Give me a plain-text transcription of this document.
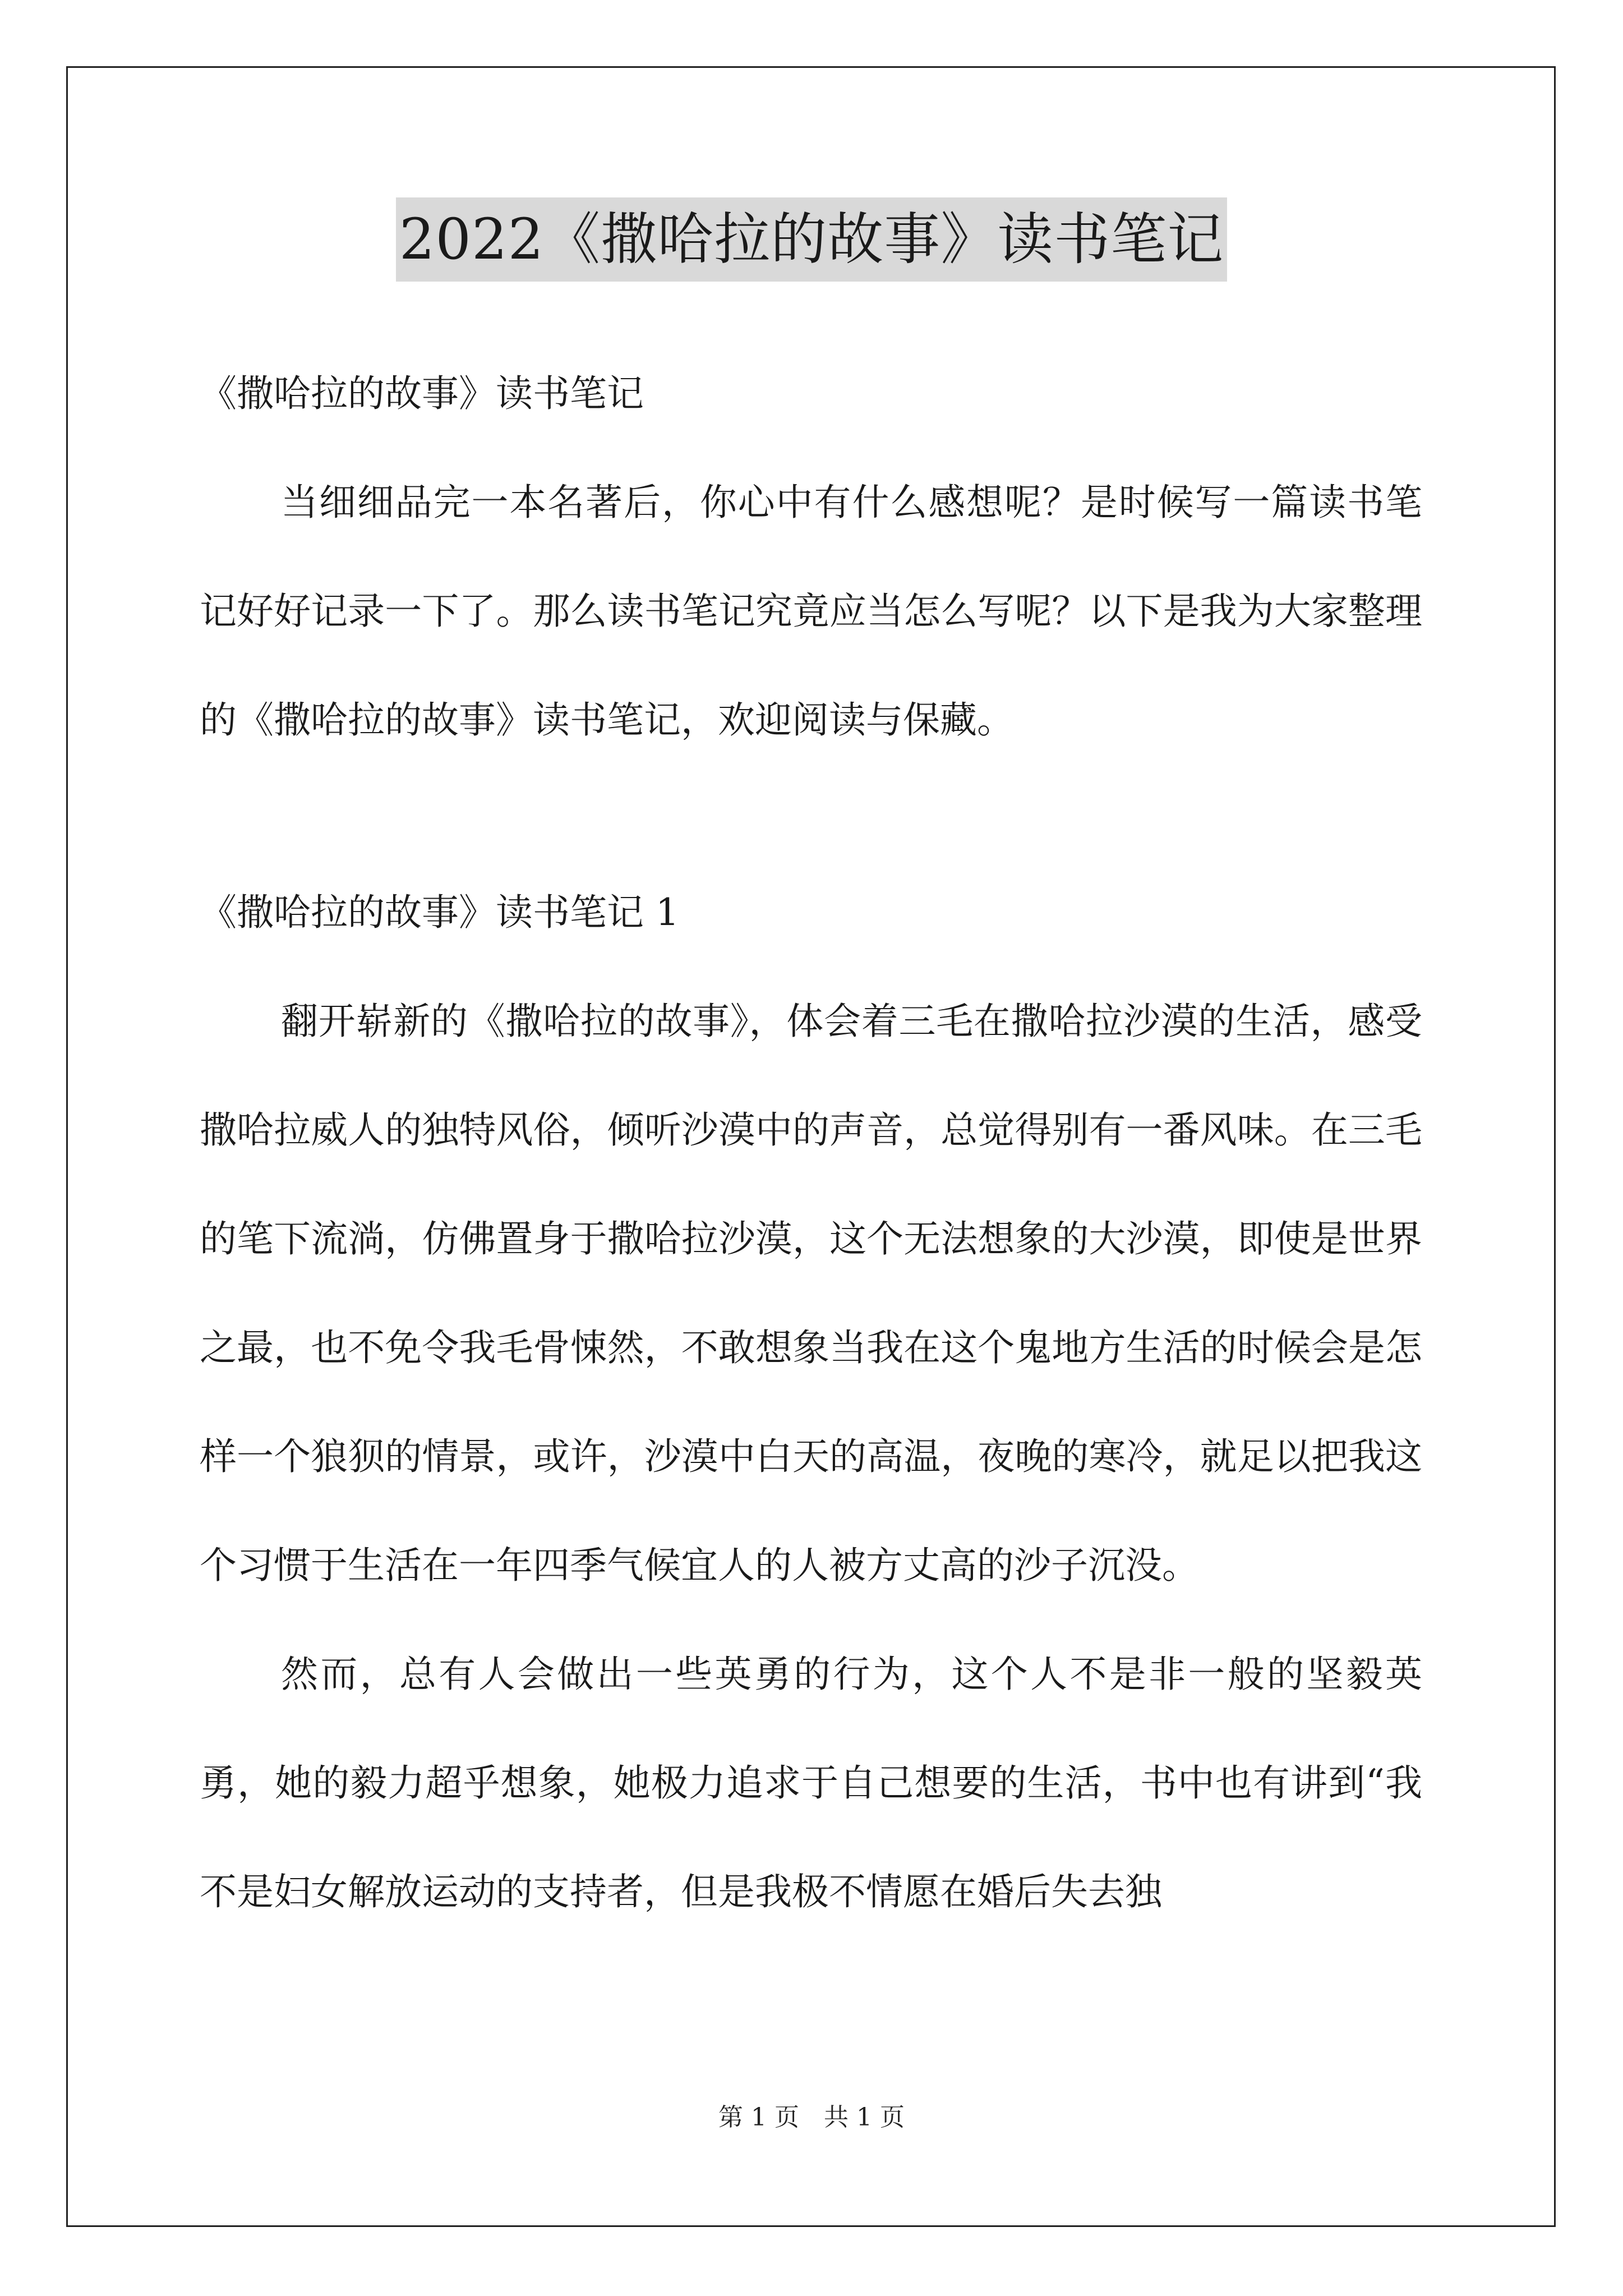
2022《撒哈拉的故事》读书笔记

《撒哈拉的故事》读书笔记

当细细品完一本名著后，你心中有什么感想呢？是时候写一篇读书笔记好好记录一下了。那么读书笔记究竟应当怎么写呢？以下是我为大家整理的《撒哈拉的故事》读书笔记，欢迎阅读与保藏。

《撒哈拉的故事》读书笔记 1

翻开崭新的《撒哈拉的故事》，体会着三毛在撒哈拉沙漠的生活，感受撒哈拉威人的独特风俗，倾听沙漠中的声音，总觉得别有一番风味。在三毛的笔下流淌，仿佛置身于撒哈拉沙漠，这个无法想象的大沙漠，即使是世界之最，也不免令我毛骨悚然，不敢想象当我在这个鬼地方生活的时候会是怎样一个狼狈的情景，或许，沙漠中白天的高温，夜晚的寒冷，就足以把我这个习惯于生活在一年四季气候宜人的人被方丈高的沙子沉没。

然而，总有人会做出一些英勇的行为，这个人不是非一般的坚毅英勇，她的毅力超乎想象，她极力追求于自己想要的生活，书中也有讲到“我不是妇女解放运动的支持者，但是我极不情愿在婚后失去独

第 1 页　共 1 页
